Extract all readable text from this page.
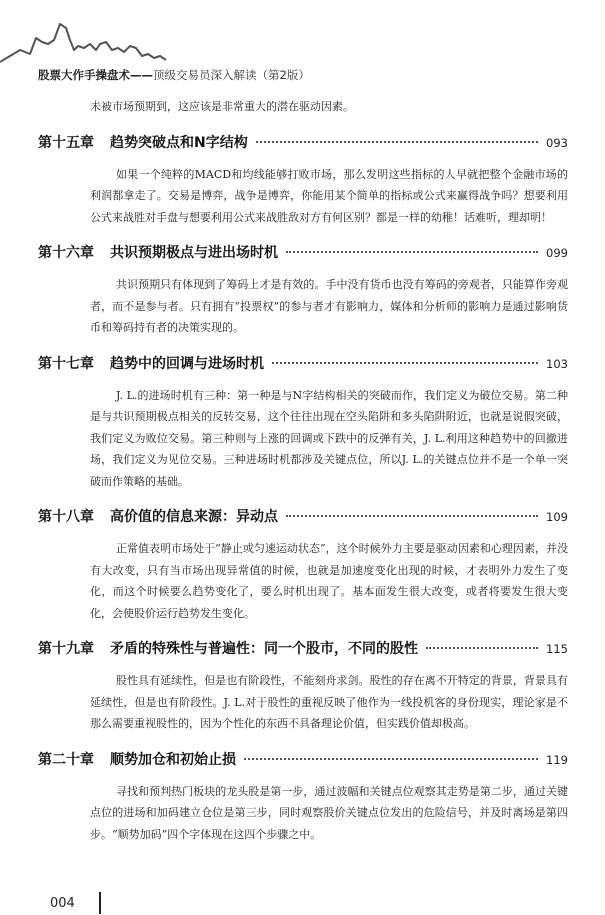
股票大作手操盘术——顶级交易员深入解读（第2版）

未被市场预期到，这应该是非常重大的潜在驱动因素。

第十五章 趋势突破点和N字结构	093

如果一个纯粹的MACD和均线能够打败市场，那么发明这些指标的人早就把整个金融市场的利润都拿走了。交易是博弈，战争是博弈，你能用某个简单的指标或公式来赢得战争吗？想要利用公式来战胜对手盘与想要利用公式来战胜敌对方有何区别？都是一样的幼稚！话难听，理却明！

第十六章 共识预期极点与进出场时机	099

共识预期只有体现到了筹码上才是有效的。手中没有货币也没有筹码的旁观者，只能算作旁观者，而不是参与者。只有拥有“投票权”的参与者才有影响力，媒体和分析师的影响力是通过影响货币和筹码持有者的决策实现的。

第十七章 趋势中的回调与进场时机	103

J. L.的进场时机有三种：第一种是与N字结构相关的突破而作，我们定义为破位交易。第二种是与共识预期极点相关的反转交易，这个往往出现在空头陷阱和多头陷阱附近，也就是说假突破，我们定义为败位交易。第三种则与上涨的回调或下跌中的反弹有关，J. L.利用这种趋势中的回撤进场，我们定义为见位交易。三种进场时机都涉及关键点位，所以J. L.的关键点位并不是一个单一突破而作策略的基础。

第十八章 高价值的信息来源：异动点	109

正常值表明市场处于“静止或匀速运动状态”，这个时候外力主要是驱动因素和心理因素，并没有大改变，只有当市场出现异常值的时候，也就是加速度变化出现的时候，才表明外力发生了变化，而这个时候要么趋势变化了，要么时机出现了。基本面发生很大改变，或者将要发生很大变化，会使股价运行趋势发生变化。

第十九章 矛盾的特殊性与普遍性：同一个股市，不同的股性	115

股性具有延续性，但是也有阶段性，不能刻舟求剑。股性的存在离不开特定的背景，背景具有延续性，但是也有阶段性。J. L.对于股性的重视反映了他作为一线投机客的身份现实，理论家是不那么需要重视股性的，因为个性化的东西不具备理论价值，但实践价值却极高。

第二十章 顺势加仓和初始止损	119

寻找和预判热门板块的龙头股是第一步，通过波幅和关键点位观察其走势是第二步，通过关键点位的进场和加码建立仓位是第三步，同时观察股价关键点位发出的危险信号，并及时离场是第四步。“顺势加码”四个字体现在这四个步骤之中。

004
